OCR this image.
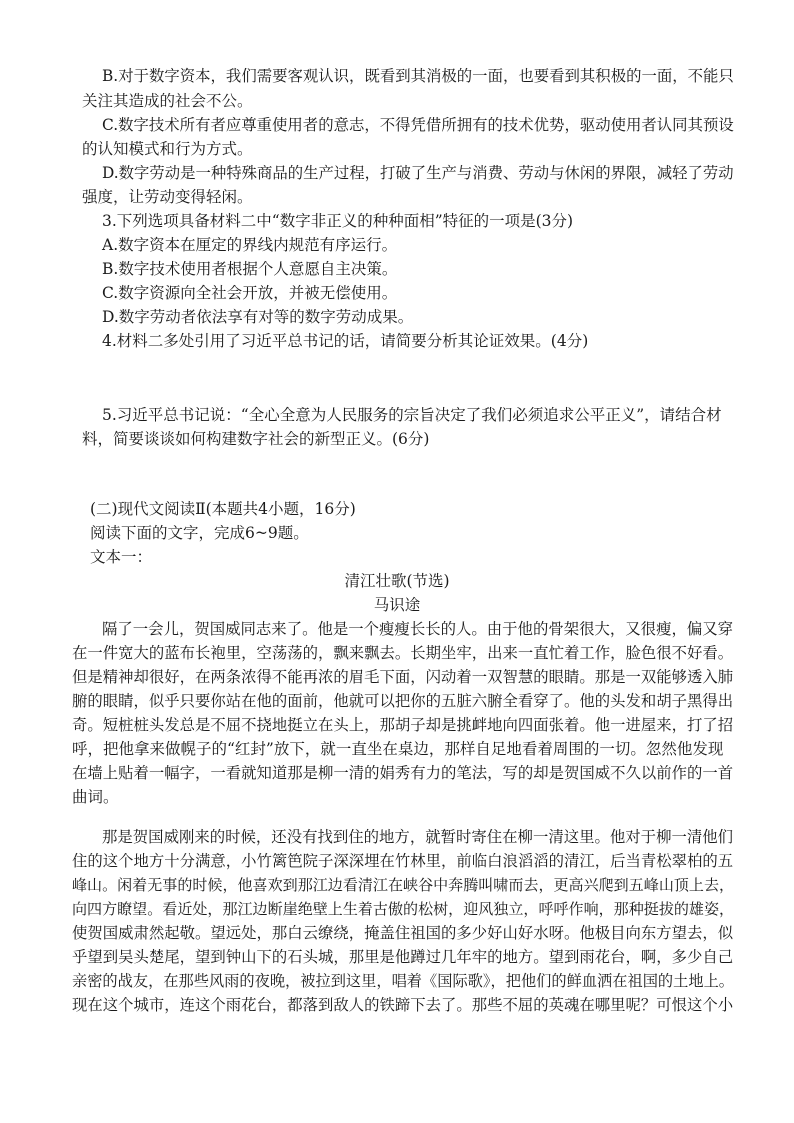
B.对于数字资本，我们需要客观认识，既看到其消极的一面，也要看到其积极的一面，不能只
关注其造成的社会不公。
C.数字技术所有者应尊重使用者的意志，不得凭借所拥有的技术优势，驱动使用者认同其预设
的认知模式和行为方式。
D.数字劳动是一种特殊商品的生产过程，打破了生产与消费、劳动与休闲的界限，减轻了劳动
强度，让劳动变得轻闲。
3.下列选项具备材料二中“数字非正义的种种面相”特征的一项是(3分)
A.数字资本在厘定的界线内规范有序运行。
B.数字技术使用者根据个人意愿自主决策。
C.数字资源向全社会开放，并被无偿使用。
D.数字劳动者依法享有对等的数字劳动成果。
4.材料二多处引用了习近平总书记的话，请简要分析其论证效果。(4分)
5.习近平总书记说：“全心全意为人民服务的宗旨决定了我们必须追求公平正义”，请结合材
料，简要谈谈如何构建数字社会的新型正义。(6分)
(二)现代文阅读Ⅱ(本题共4小题，16分)
阅读下面的文字，完成6~9题。
文本一：
清江壮歌(节选)
马识途
隔了一会儿，贺国威同志来了。他是一个瘦瘦长长的人。由于他的骨架很大，又很瘦，偏又穿
在一件宽大的蓝布长袍里，空荡荡的，飘来飘去。长期坐牢，出来一直忙着工作，脸色很不好看。
但是精神却很好，在两条浓得不能再浓的眉毛下面，闪动着一双智慧的眼睛。那是一双能够透入肺
腑的眼睛，似乎只要你站在他的面前，他就可以把你的五脏六腑全看穿了。他的头发和胡子黑得出
奇。短桩桩头发总是不屈不挠地挺立在头上，那胡子却是挑衅地向四面张着。他一进屋来，打了招
呼，把他拿来做幌子的“红封”放下，就一直坐在桌边，那样自足地看着周围的一切。忽然他发现
在墙上贴着一幅字，一看就知道那是柳一清的娟秀有力的笔法，写的却是贺国威不久以前作的一首
曲词。
那是贺国威刚来的时候，还没有找到住的地方，就暂时寄住在柳一清这里。他对于柳一清他们
住的这个地方十分满意，小竹篱笆院子深深埋在竹林里，前临白浪滔滔的清江，后当青松翠柏的五
峰山。闲着无事的时候，他喜欢到那江边看清江在峡谷中奔腾叫啸而去，更高兴爬到五峰山顶上去，
向四方瞭望。看近处，那江边断崖绝壁上生着古傲的松树，迎风独立，呼呼作响，那种挺拔的雄姿，
使贺国威肃然起敬。望远处，那白云缭绕，掩盖住祖国的多少好山好水呀。他极目向东方望去，似
乎望到吴头楚尾，望到钟山下的石头城，那里是他蹲过几年牢的地方。望到雨花台，啊，多少自己
亲密的战友，在那些风雨的夜晚，被拉到这里，唱着《国际歌》，把他们的鲜血洒在祖国的土地上。
现在这个城市，连这个雨花台，都落到敌人的铁蹄下去了。那些不屈的英魂在哪里呢？可恨这个小
